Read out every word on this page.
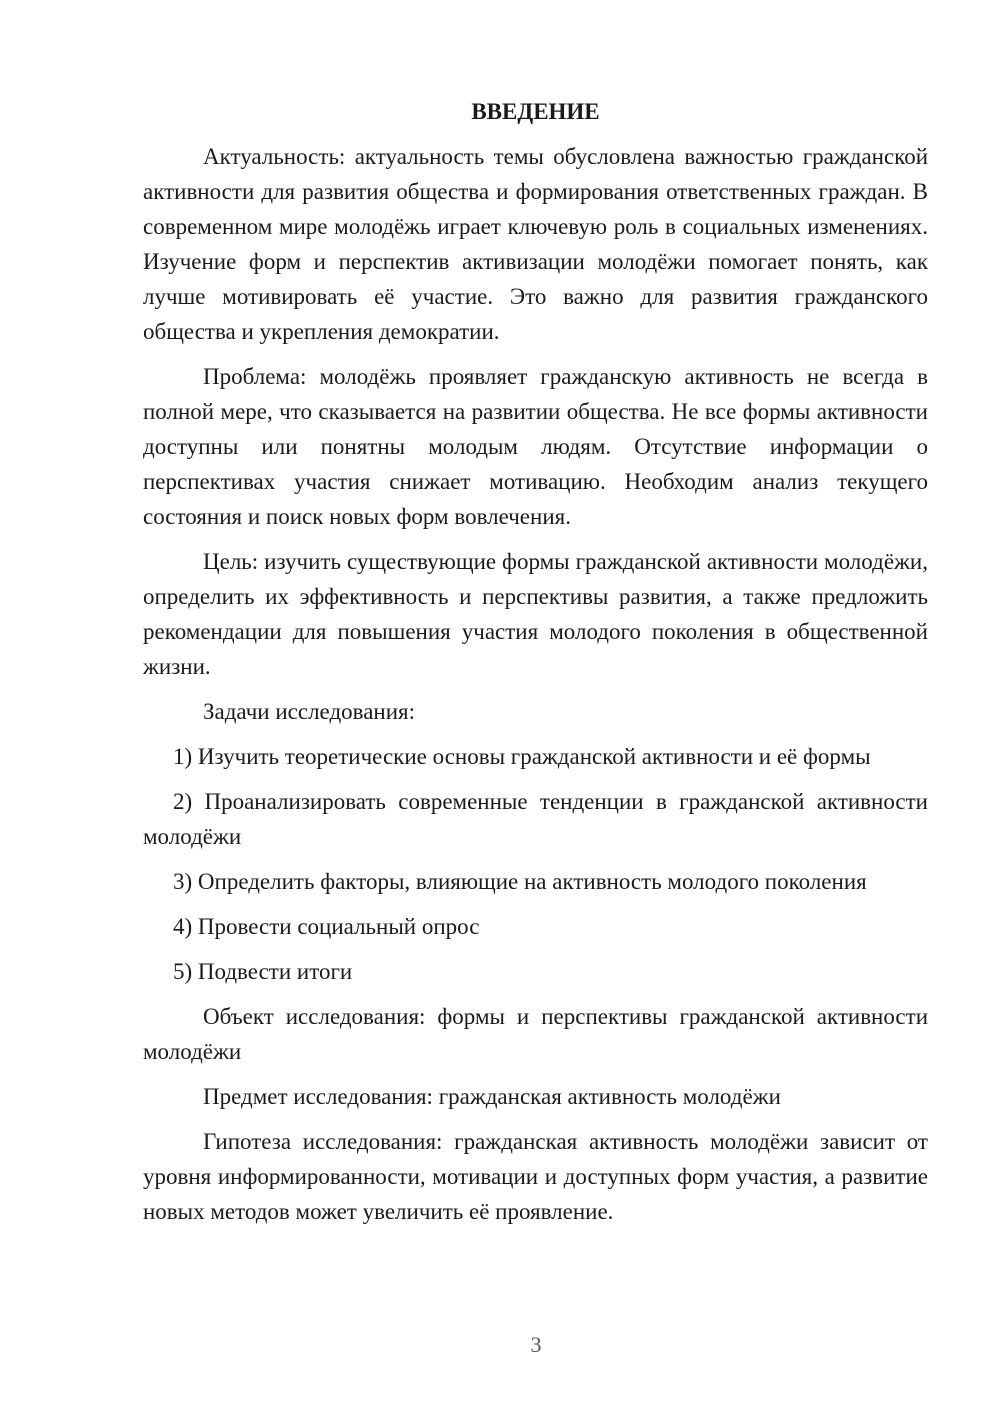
ВВЕДЕНИЕ

Актуальность: актуальность темы обусловлена важностью гражданской активности для развития общества и формирования ответственных граждан. В современном мире молодёжь играет ключевую роль в социальных изменениях. Изучение форм и перспектив активизации молодёжи помогает понять, как лучше мотивировать её участие. Это важно для развития гражданского общества и укрепления демократии.

Проблема: молодёжь проявляет гражданскую активность не всегда в полной мере, что сказывается на развитии общества. Не все формы активности доступны или понятны молодым людям. Отсутствие информации о перспективах участия снижает мотивацию. Необходим анализ текущего состояния и поиск новых форм вовлечения.

Цель: изучить существующие формы гражданской активности молодёжи, определить их эффективность и перспективы развития, а также предложить рекомендации для повышения участия молодого поколения в общественной жизни.

Задачи исследования:

1) Изучить теоретические основы гражданской активности и её формы

2) Проанализировать современные тенденции в гражданской активности молодёжи

3) Определить факторы, влияющие на активность молодого поколения

4) Провести социальный опрос

5) Подвести итоги

Объект исследования: формы и перспективы гражданской активности молодёжи

Предмет исследования: гражданская активность молодёжи

Гипотеза исследования: гражданская активность молодёжи зависит от уровня информированности, мотивации и доступных форм участия, а развитие новых методов может увеличить её проявление.

3
